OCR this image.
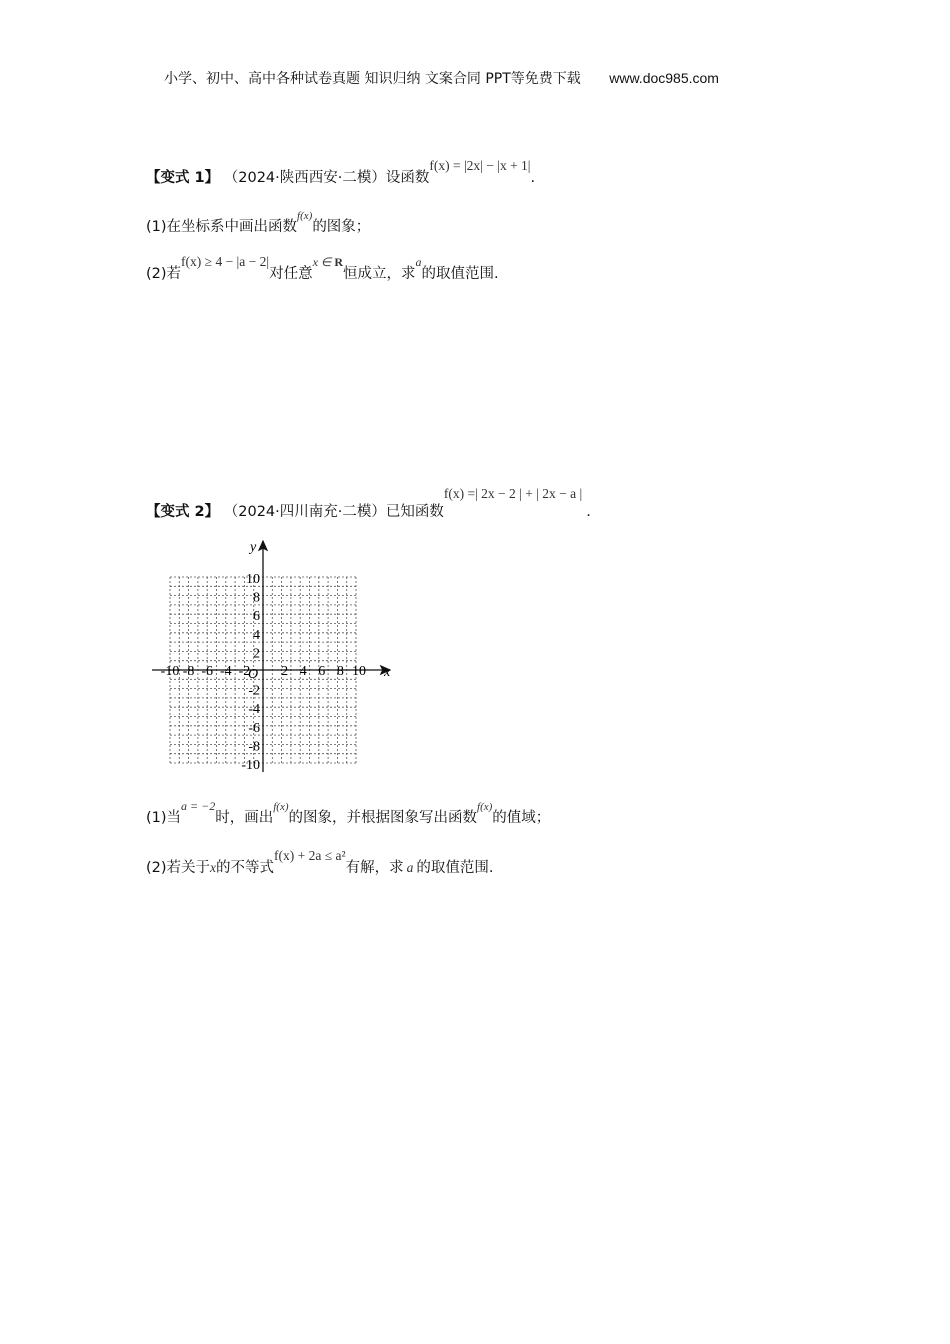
小学、初中、高中各种试卷真题 知识归纳 文案合同 PPT等免费下载 www.doc985.com
【变式 1】 （2024·陕西西安·二模）设函数f(x) = |2x| − |x + 1|.
(1)在坐标系中画出函数$^{f(x)}$的图象；
(2)若f(x) ≥ 4 − |a − 2|对任意$^{x \in R}$恒成立，求$^a$的取值范围.
【变式 2】 （2024·四川南充·二模）已知函数f(x) =| 2x − 2 | + | 2x − a |.
x
y
O
-10 -8 -6 -4 -2 2 4 6 8 10
10
8
6
4
2
-2
-4
-6
-8
-10
(1)当$^{a = -2}$时，画出$^{f(x)}$的图象，并根据图象写出函数$^{f(x)}$的值域；
(2)若关于x的不等式f(x) + 2a ≤ a²有解，求 a 的取值范围.
